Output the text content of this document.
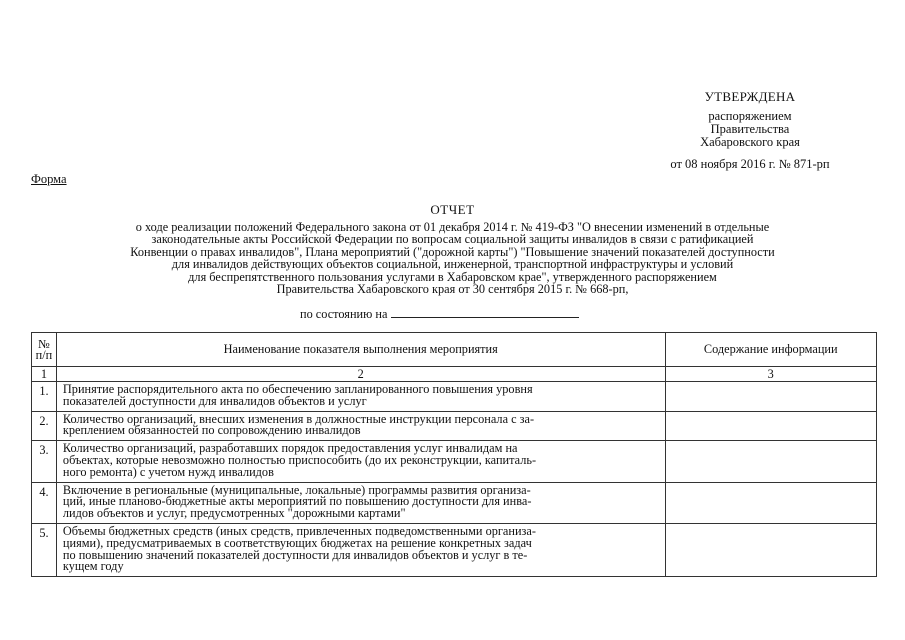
УТВЕРЖДЕНА
распоряжением
Правительства
Хабаровского края
от 08 ноября 2016 г. № 871-рп
Форма
ОТЧЕТ
о ходе реализации положений Федерального закона от 01 декабря 2014 г. № 419-ФЗ "О внесении изменений в отдельные
законодательные акты Российской Федерации по вопросам социальной защиты инвалидов в связи с ратификацией
Конвенции о правах инвалидов", Плана мероприятий ("дорожной карты") "Повышение значений показателей доступности
для инвалидов действующих объектов социальной, инженерной, транспортной инфраструктуры и условий
для беспрепятственного пользования услугами в Хабаровском крае", утвержденного распоряжением
Правительства Хабаровского края от 30 сентября 2015 г. № 668-рп,
по состоянию на
№
п/п	Наименование показателя выполнения мероприятия	Содержание информации
1	2	3
1.	Принятие распорядительного акта по обеспечению запланированного повышения уровня
показателей доступности для инвалидов объектов и услуг	

2.	Количество организаций, внесших изменения в должностные инструкции персонала с за-
креплением обязанностей по сопровождению инвалидов	

3.	Количество организаций, разработавших порядок предоставления услуг инвалидам на
объектах, которые невозможно полностью приспособить (до их реконструкции, капиталь-
ного ремонта) с учетом нужд инвалидов	

4.	Включение в региональные (муниципальные, локальные) программы развития организа-
ций, иные планово-бюджетные акты мероприятий по повышению доступности для инва-
лидов объектов и услуг, предусмотренных "дорожными картами"	

5.	Объемы бюджетных средств (иных средств, привлеченных подведомственными организа-
циями), предусматриваемых в соответствующих бюджетах на решение конкретных задач
по повышению значений показателей доступности для инвалидов объектов и услуг в те-
кущем году	
